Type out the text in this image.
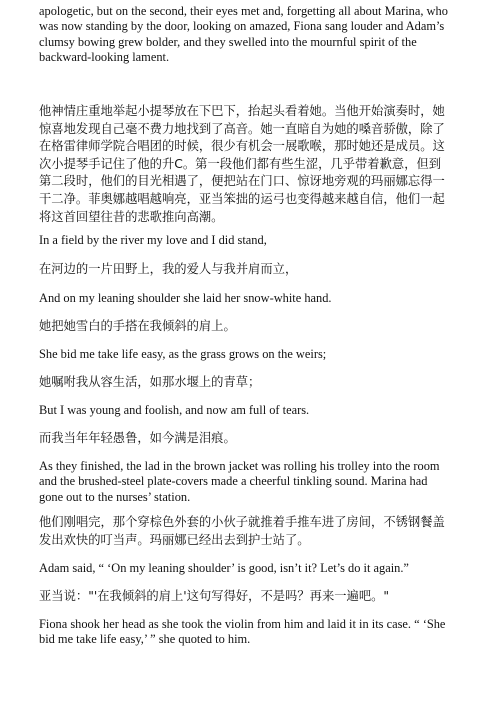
apologetic, but on the second, their eyes met and, forgetting all about Marina, who
was now standing by the door, looking on amazed, Fiona sang louder and Adam’s
clumsy bowing grew bolder, and they swelled into the mournful spirit of the
backward-looking lament.

他神情庄重地举起小提琴放在下巴下，抬起头看着她。当他开始演奏时，她
惊喜地发现自己毫不费力地找到了高音。她一直暗自为她的嗓音骄傲，除了
在格雷律师学院合唱团的时候，很少有机会一展歌喉，那时她还是成员。这
次小提琴手记住了他的升C。第一段他们都有些生涩，几乎带着歉意，但到
第二段时，他们的目光相遇了，便把站在门口、惊讶地旁观的玛丽娜忘得一
干二净。菲奥娜越唱越响亮，亚当笨拙的运弓也变得越来越自信，他们一起
将这首回望往昔的悲歌推向高潮。

In a field by the river my love and I did stand,

在河边的一片田野上，我的爱人与我并肩而立，

And on my leaning shoulder she laid her snow-white hand.

她把她雪白的手搭在我倾斜的肩上。

She bid me take life easy, as the grass grows on the weirs;

她嘱咐我从容生活，如那水堰上的青草；

But I was young and foolish, and now am full of tears.

而我当年年轻愚鲁，如今满是泪痕。

As they finished, the lad in the brown jacket was rolling his trolley into the room
and the brushed-steel plate-covers made a cheerful tinkling sound. Marina had
gone out to the nurses’ station.

他们刚唱完，那个穿棕色外套的小伙子就推着手推车进了房间，不锈钢餐盖
发出欢快的叮当声。玛丽娜已经出去到护士站了。

Adam said, “ ‘On my leaning shoulder’ is good, isn’t it? Let’s do it again.”

亚当说："'在我倾斜的肩上'这句写得好，不是吗？再来一遍吧。"

Fiona shook her head as she took the violin from him and laid it in its case. “ ‘She
bid me take life easy,’ ” she quoted to him.
